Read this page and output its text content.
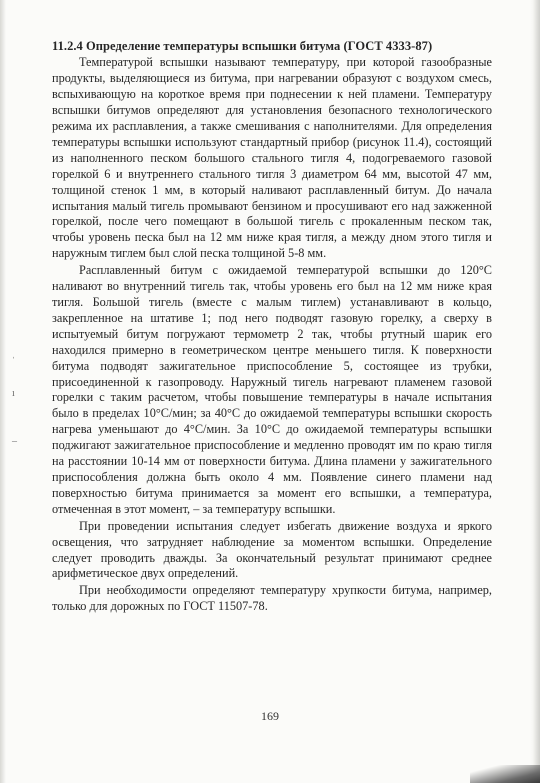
ˌ
ı
–

11.2.4 Определение температуры вспышки битума (ГОСТ 4333-87)

Температурой вспышки называют температуру, при которой газообразные продукты, выделяющиеся из битума, при нагревании образуют с воздухом смесь, вспыхивающую на короткое время при поднесении к ней пламени. Температуру вспышки битумов определяют для установления безопасного технологического режима их расплавления, а также смешивания с наполнителями. Для определения температуры вспышки используют стандартный прибор (рисунок 11.4), состоящий из наполненного песком большого стального тигля 4, подогреваемого газовой горелкой 6 и внутреннего стального тигля 3 диаметром 64 мм, высотой 47 мм, толщиной стенок 1 мм, в который наливают расплавленный битум. До начала испытания малый тигель промывают бензином и просушивают его над зажженной горелкой, после чего помещают в большой тигель с прокаленным песком так, чтобы уровень песка был на 12 мм ниже края тигля, а между дном этого тигля и наружным тиглем был слой песка толщиной 5-8 мм.

Расплавленный битум с ожидаемой температурой вспышки до 120°С наливают во внутренний тигель так, чтобы уровень его был на 12 мм ниже края тигля. Большой тигель (вместе с малым тиглем) устанавливают в кольцо, закрепленное на штативе 1; под него подводят газовую горелку, а сверху в испытуемый битум погружают термометр 2 так, чтобы ртутный шарик его находился примерно в геометрическом центре меньшего тигля. К поверхности битума подводят зажигательное приспособление 5, состоящее из трубки, присоединенной к газопроводу. Наружный тигель нагревают пламенем газовой горелки с таким расчетом, чтобы повышение температуры в начале испытания было в пределах 10°С/мин; за 40°С до ожидаемой температуры вспышки скорость нагрева уменьшают до 4°С/мин. За 10°С до ожидаемой температуры вспышки поджигают зажигательное приспособление и медленно проводят им по краю тигля на расстоянии 10-14 мм от поверхности битума. Длина пламени у зажигательного приспособления должна быть около 4 мм. Появление синего пламени над поверхностью битума принимается за момент его вспышки, а температура, отмеченная в этот момент, – за температуру вспышки.

При проведении испытания следует избегать движение воздуха и яркого освещения, что затрудняет наблюдение за моментом вспышки. Определение следует проводить дважды. За окончательный результат принимают среднее арифметическое двух определений.

При необходимости определяют температуру хрупкости битума, например, только для дорожных по ГОСТ 11507-78.

169
